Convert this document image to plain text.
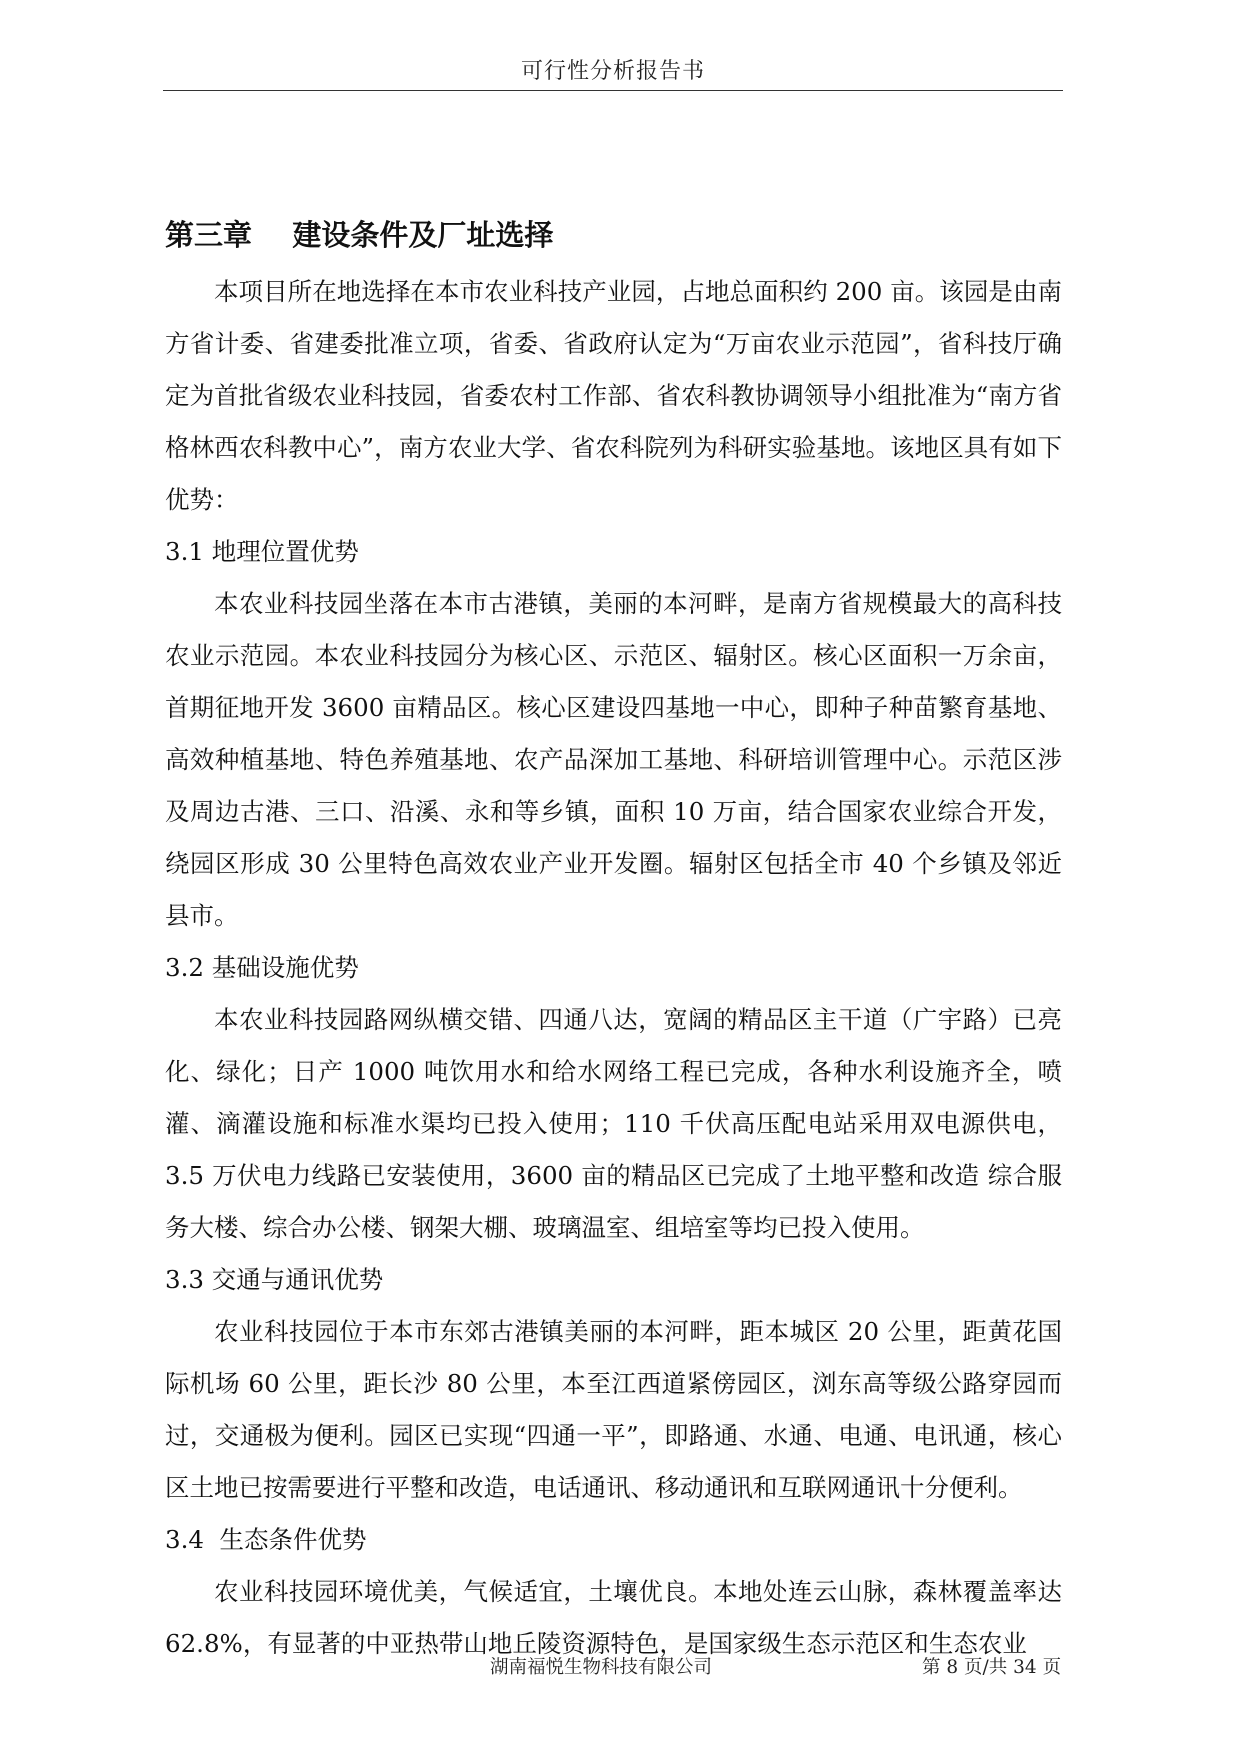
可行性分析报告书
第三章    建设条件及厂址选择

本项目所在地选择在本市农业科技产业园，占地总面积约 200 亩。该园是由南方省计委、省建委批准立项，省委、省政府认定为“万亩农业示范园”，省科技厅确定为首批省级农业科技园，省委农村工作部、省农科教协调领导小组批准为“南方省格林西农科教中心”，南方农业大学、省农科院列为科研实验基地。该地区具有如下优势：

3.1 地理位置优势

本农业科技园坐落在本市古港镇，美丽的本河畔，是南方省规模最大的高科技农业示范园。本农业科技园分为核心区、示范区、辐射区。核心区面积一万余亩，首期征地开发 3600 亩精品区。核心区建设四基地一中心，即种子种苗繁育基地、高效种植基地、特色养殖基地、农产品深加工基地、科研培训管理中心。示范区涉及周边古港、三口、沿溪、永和等乡镇，面积 10 万亩，结合国家农业综合开发，绕园区形成 30 公里特色高效农业产业开发圈。辐射区包括全市 40 个乡镇及邻近县市。

3.2 基础设施优势

本农业科技园路网纵横交错、四通八达，宽阔的精品区主干道（广宇路）已亮化、绿化；日产 1000 吨饮用水和给水网络工程已完成，各种水利设施齐全，喷灌、滴灌设施和标准水渠均已投入使用；110 千伏高压配电站采用双电源供电，3.5 万伏电力线路已安装使用，3600 亩的精品区已完成了土地平整和改造 综合服务大楼、综合办公楼、钢架大棚、玻璃温室、组培室等均已投入使用。

3.3 交通与通讯优势

农业科技园位于本市东郊古港镇美丽的本河畔，距本城区 20 公里，距黄花国际机场 60 公里，距长沙 80 公里，本至江西道紧傍园区，浏东高等级公路穿园而过，交通极为便利。园区已实现“四通一平”，即路通、水通、电通、电讯通，核心区土地已按需要进行平整和改造，电话通讯、移动通讯和互联网通讯十分便利。

3.4  生态条件优势

农业科技园环境优美，气候适宜，土壤优良。本地处连云山脉，森林覆盖率达 62.8%，有显著的中亚热带山地丘陵资源特色，是国家级生态示范区和生态农业

湖南福悦生物科技有限公司	第 8 页/共 34 页
